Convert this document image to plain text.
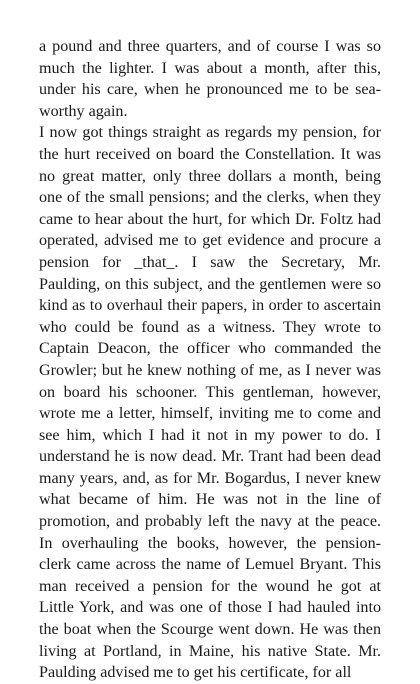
a pound and three quarters, and of course I was so much the lighter. I was about a month, after this, under his care, when he pronounced me to be sea-worthy again.

I now got things straight as regards my pension, for the hurt received on board the Constellation. It was no great matter, only three dollars a month, being one of the small pensions; and the clerks, when they came to hear about the hurt, for which Dr. Foltz had operated, advised me to get evidence and procure a pension for _that_. I saw the Secretary, Mr. Paulding, on this subject, and the gentlemen were so kind as to overhaul their papers, in order to ascertain who could be found as a witness. They wrote to Captain Deacon, the officer who commanded the Growler; but he knew nothing of me, as I never was on board his schooner. This gentleman, however, wrote me a letter, himself, inviting me to come and see him, which I had it not in my power to do. I understand he is now dead. Mr. Trant had been dead many years, and, as for Mr. Bogardus, I never knew what became of him. He was not in the line of promotion, and probably left the navy at the peace. In overhauling the books, however, the pension-clerk came across the name of Lemuel Bryant. This man received a pension for the wound he got at Little York, and was one of those I had hauled into the boat when the Scourge went down. He was then living at Portland, in Maine, his native State. Mr. Paulding advised me to get his certificate, for all
